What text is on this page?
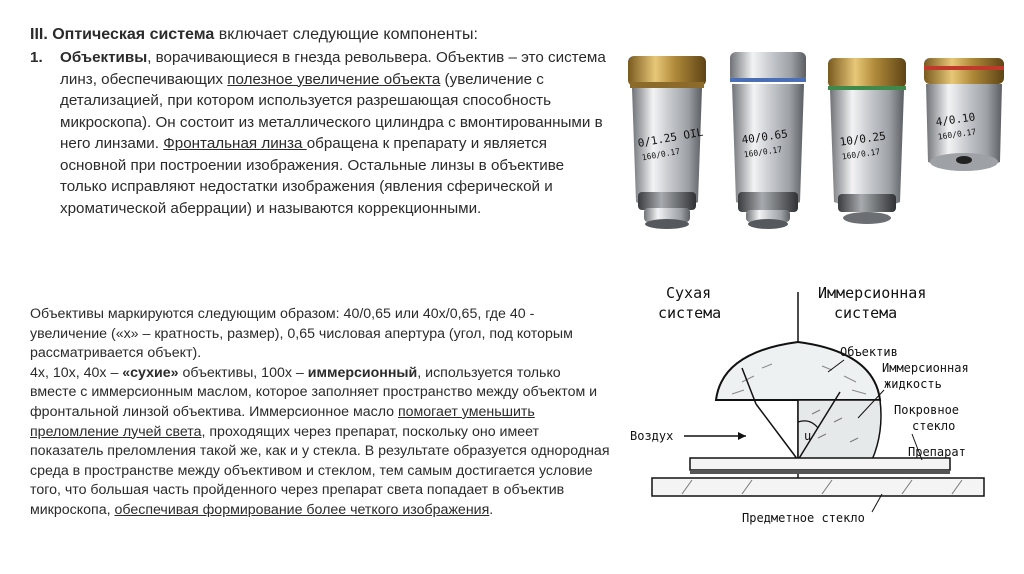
III. Оптическая система включает следующие компоненты:

1.	Объективы, ворачивающиеся в гнезда револьвера. Объектив – это система линз, обеспечивающих полезное увеличение объекта (увеличение с детализацией, при котором используется разрешающая способность микроскопа). Он состоит из металлического цилиндра с вмонтированными в него линзами. Фронтальная линза обращена к препарату и является основной при построении изображения. Остальные линзы в объективе только исправляют недостатки изображения (явления сферической и хроматической аберрации) и называются коррекционными.

Объективы маркируются следующим образом: 40/0,65 или 40х/0,65, где 40 - увеличение («х» – кратность, размер), 0,65 числовая апертура (угол, под которым рассматривается объект).

4х, 10х, 40х – «сухие» объективы, 100х – иммерсионный, используется только вместе с иммерсионным маслом, которое заполняет пространство между объектом и фронтальной линзой объектива. Иммерсионное масло помогает уменьшить преломление лучей света, проходящих через препарат, поскольку оно имеет показатель преломления такой же, как и у стекла. В результате образуется однородная среда в пространстве между объективом и стеклом, тем самым достигается условие того, что большая часть пройденного через препарат света попадает в объектив микроскопа, обеспечивая формирование более четкого изображения.

0/1.25 OIL
160/0.17
40/0.65
160/0.17
10/0.25
160/0.17
4/0.10
160/0.17
Сухая
система
Иммерсионная
система
u
Объектив
Иммерсионная
жидкость
Покровное
стекло
Препарат
Воздух
Предметное стекло
